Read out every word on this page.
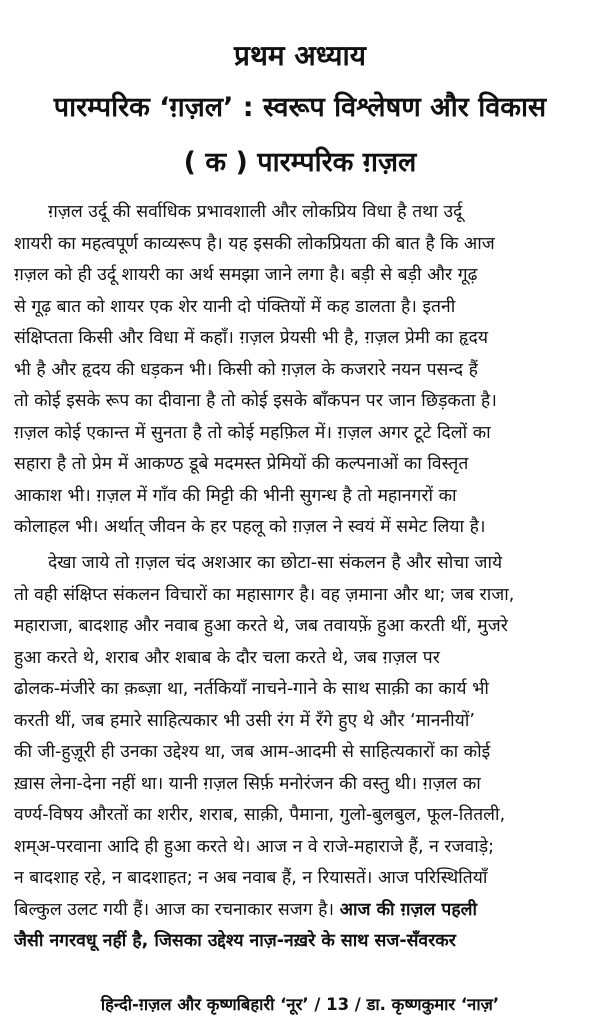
प्रथम अध्याय
पारम्परिक ‘ग़ज़ल’ : स्वरूप विश्लेषण और विकास
( क ) पारम्परिक ग़ज़ल
ग़ज़ल उर्दू की सर्वाधिक प्रभावशाली और लोकप्रिय विधा है तथा उर्दू
शायरी का महत्वपूर्ण काव्यरूप है। यह इसकी लोकप्रियता की बात है कि आज
ग़ज़ल को ही उर्दू शायरी का अर्थ समझा जाने लगा है। बड़ी से बड़ी और गूढ़
से गूढ़ बात को शायर एक शेर यानी दो पंक्तियों में कह डालता है। इतनी
संक्षिप्तता किसी और विधा में कहाँ। ग़ज़ल प्रेयसी भी है, ग़ज़ल प्रेमी का हृदय
भी है और हृदय की धड़कन भी। किसी को ग़ज़ल के कजरारे नयन पसन्द हैं
तो कोई इसके रूप का दीवाना है तो कोई इसके बाँकपन पर जान छिड़कता है।
ग़ज़ल कोई एकान्त में सुनता है तो कोई महफ़िल में। ग़ज़ल अगर टूटे दिलों का
सहारा है तो प्रेम में आकण्ठ डूबे मदमस्त प्रेमियों की कल्पनाओं का विस्तृत
आकाश भी। ग़ज़ल में गाँव की मिट्टी की भीनी सुगन्ध है तो महानगरों का
कोलाहल भी। अर्थात् जीवन के हर पहलू को ग़ज़ल ने स्वयं में समेट लिया है।
देखा जाये तो ग़ज़ल चंद अशआर का छोटा-सा संकलन है और सोचा जाये
तो वही संक्षिप्त संकलन विचारों का महासागर है। वह ज़माना और था; जब राजा,
महाराजा, बादशाह और नवाब हुआ करते थे, जब तवायफ़ें हुआ करती थीं, मुजरे
हुआ करते थे, शराब और शबाब के दौर चला करते थे, जब ग़ज़ल पर
ढोलक-मंजीरे का क़ब्ज़ा था, नर्तकियाँ नाचने-गाने के साथ साक़ी का कार्य भी
करती थीं, जब हमारे साहित्यकार भी उसी रंग में रँगे हुए थे और ‘माननीयों’
की जी-हुज़ूरी ही उनका उद्देश्य था, जब आम-आदमी से साहित्यकारों का कोई
ख़ास लेना-देना नहीं था। यानी ग़ज़ल सिर्फ़ मनोरंजन की वस्तु थी। ग़ज़ल का
वर्ण्य-विषय औरतों का शरीर, शराब, साक़ी, पैमाना, गुलो-बुलबुल, फूल-तितली,
शम्अ-परवाना आदि ही हुआ करते थे। आज न वे राजे-महाराजे हैं, न रजवाड़े;
न बादशाह रहे, न बादशाहत; न अब नवाब हैं, न रियासतें। आज परिस्थितियाँ
बिल्कुल उलट गयी हैं। आज का रचनाकार सजग है। आज की ग़ज़ल पहली
जैसी नगरवधू नहीं है, जिसका उद्देश्य नाज़-नख़रे के साथ सज-सँवरकर
हिन्दी-ग़ज़ल और कृष्णबिहारी ‘नूर’ / 13 / डा. कृष्णकुमार ‘नाज़’
